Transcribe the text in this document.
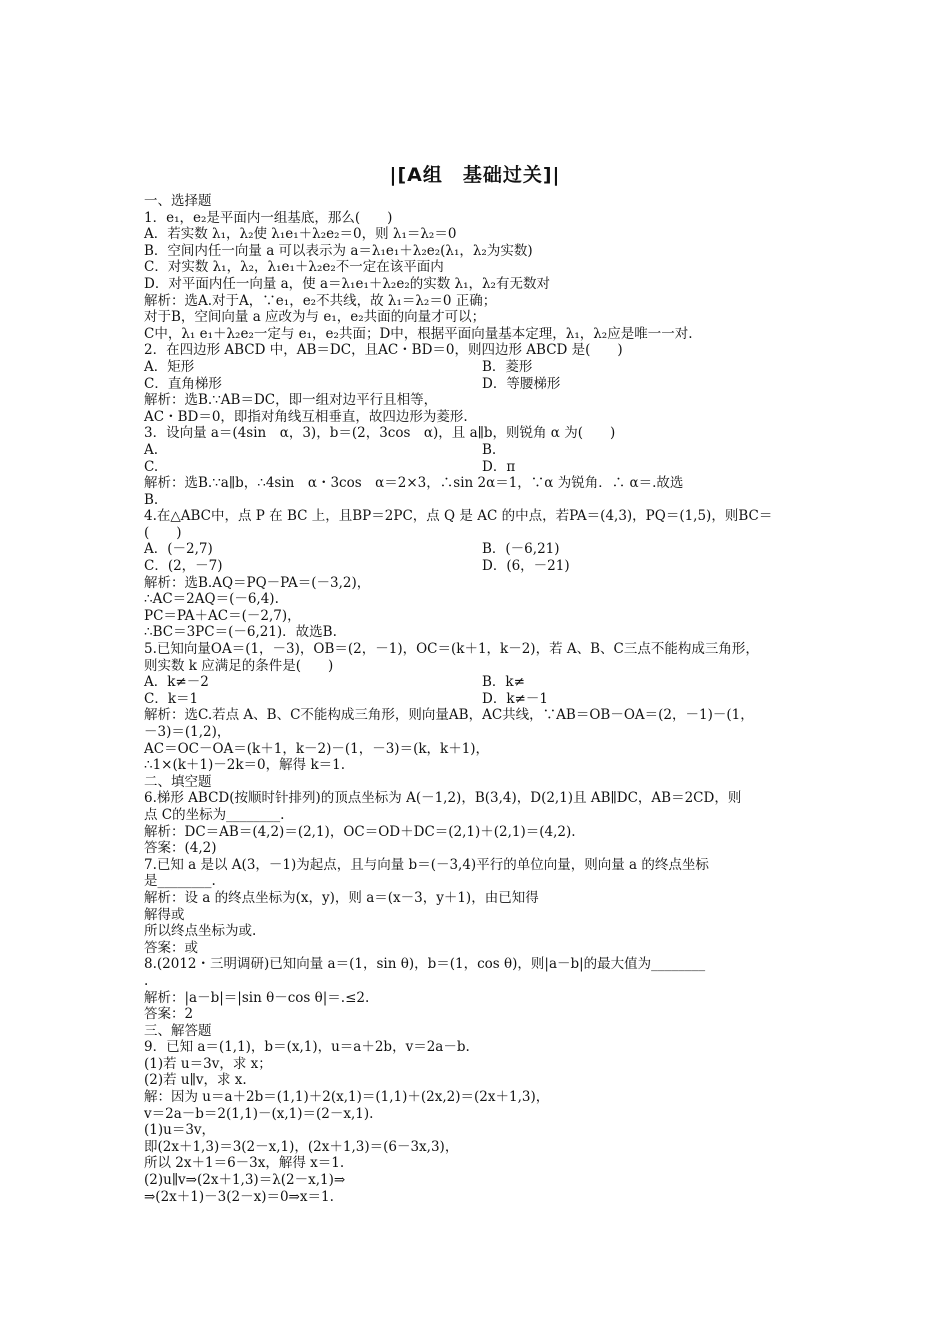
|[A组　基础过关]|
一、选择题
1．e₁，e₂是平面内一组基底，那么(　　)
A．若实数 λ₁，λ₂使 λ₁e₁＋λ₂e₂＝0，则 λ₁＝λ₂＝0
B．空间内任一向量 a 可以表示为 a＝λ₁e₁＋λ₂e₂(λ₁，λ₂为实数)
C．对实数 λ₁，λ₂，λ₁e₁＋λ₂e₂不一定在该平面内
D．对平面内任一向量 a，使 a＝λ₁e₁＋λ₂e₂的实数 λ₁，λ₂有无数对
解析：选A.对于A，∵e₁，e₂不共线，故 λ₁＝λ₂＝0 正确；
对于B，空间向量 a 应改为与 e₁，e₂共面的向量才可以；
C中，λ₁ e₁＋λ₂e₂一定与 e₁，e₂共面；D中，根据平面向量基本定理，λ₁，λ₂应是唯一一对.
2．在四边形 ABCD 中，AB＝DC，且AC・BD＝0，则四边形 ABCD 是(　　)
A．矩形	B．菱形
C．直角梯形	D．等腰梯形
解析：选B.∵AB＝DC，即一组对边平行且相等，
AC・BD＝0，即指对角线互相垂直，故四边形为菱形.
3．设向量 a＝(4sin　α，3)，b＝(2，3cos　α)，且 a∥b，则锐角 α 为(　　)
A.	B.
C.	D．π
解析：选B.∵a∥b，∴4sin　α・3cos　α＝2×3，∴sin 2α＝1，∵α 为锐角．∴ α＝.故选
B.
4.在△ABC中，点 P 在 BC 上，且BP＝2PC，点 Q 是 AC 的中点，若PA＝(4,3)，PQ＝(1,5)，则BC＝
(　　)
A．(－2,7)	B．(－6,21)
C．(2，－7)	D．(6，－21)
解析：选B.AQ＝PQ－PA＝(－3,2)，
∴AC＝2AQ＝(－6,4).
PC＝PA＋AC＝(－2,7)，
∴BC＝3PC＝(－6,21)．故选B.
5.已知向量OA＝(1，－3)，OB＝(2，－1)，OC＝(k＋1，k－2)，若 A、B、C三点不能构成三角形，
则实数 k 应满足的条件是(　　)
A．k≠－2	B．k≠
C．k＝1	D．k≠－1
解析：选C.若点 A、B、C不能构成三角形，则向量AB，AC共线，∵AB＝OB－OA＝(2，－1)－(1，
－3)＝(1,2)，
AC＝OC－OA＝(k＋1，k－2)－(1，－3)＝(k，k＋1)，
∴1×(k＋1)－2k＝0，解得 k＝1.
二、填空题
6.梯形 ABCD(按顺时针排列)的顶点坐标为 A(－1,2)，B(3,4)，D(2,1)且 AB∥DC，AB＝2CD，则
点 C的坐标为________.
解析：DC＝AB＝(4,2)＝(2,1)，OC＝OD＋DC＝(2,1)＋(2,1)＝(4,2).
答案：(4,2)
7.已知 a 是以 A(3，－1)为起点，且与向量 b＝(－3,4)平行的单位向量，则向量 a 的终点坐标
是________.
解析：设 a 的终点坐标为(x，y)，则 a＝(x－3，y＋1)，由已知得
解得或
所以终点坐标为或.
答案：或
8.(2012・三明调研)已知向量 a＝(1，sin θ)，b＝(1，cos θ)，则|a－b|的最大值为________
.
解析：|a－b|＝|sin θ－cos θ|＝.≤2.
答案：2
三、解答题
9．已知 a＝(1,1)，b＝(x,1)，u＝a＋2b，v＝2a－b.
(1)若 u＝3v，求 x；
(2)若 u∥v，求 x.
解：因为 u＝a＋2b＝(1,1)＋2(x,1)＝(1,1)＋(2x,2)＝(2x＋1,3)，
v＝2a－b＝2(1,1)－(x,1)＝(2－x,1).
(1)u＝3v，
即(2x＋1,3)＝3(2－x,1)，(2x＋1,3)＝(6－3x,3)，
所以 2x＋1＝6－3x，解得 x＝1.
(2)u∥v⇒(2x＋1,3)＝λ(2－x,1)⇒
⇒(2x＋1)－3(2－x)＝0⇒x＝1.
